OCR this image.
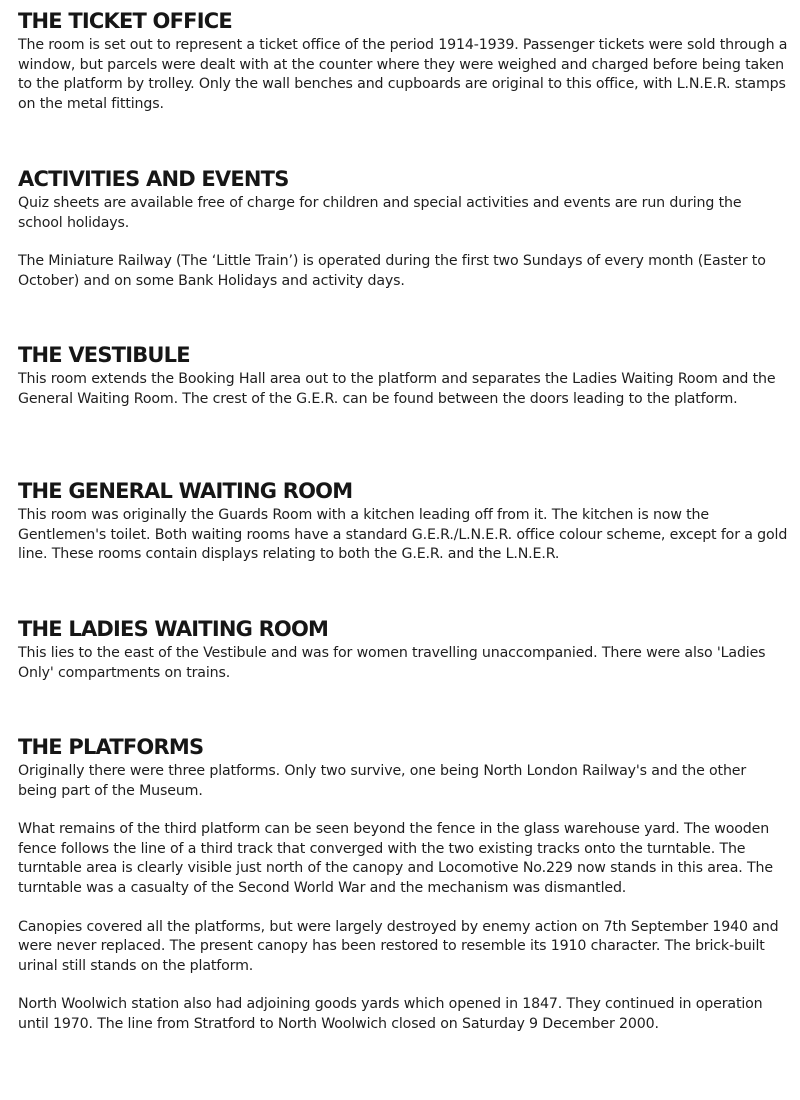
THE TICKET OFFICE

The room is set out to represent a ticket office of the period 1914-1939. Passenger tickets were sold through a window, but parcels were dealt with at the counter where they were weighed and charged before being taken to the platform by trolley. Only the wall benches and cupboards are original to this office, with L.N.E.R. stamps on the metal fittings.

ACTIVITIES AND EVENTS

Quiz sheets are available free of charge for children and special activities and events are run during the school holidays.

The Miniature Railway (The ‘Little Train’) is operated during the first two Sundays of every month (Easter to October) and on some Bank Holidays and activity days.

THE VESTIBULE

This room extends the Booking Hall area out to the platform and separates the Ladies Waiting Room and the General Waiting Room. The crest of the G.E.R. can be found between the doors leading to the platform.

THE GENERAL WAITING ROOM

This room was originally the Guards Room with a kitchen leading off from it. The kitchen is now the Gentlemen's toilet. Both waiting rooms have a standard G.E.R./L.N.E.R. office colour scheme, except for a gold line. These rooms contain displays relating to both the G.E.R. and the L.N.E.R.

THE LADIES WAITING ROOM

This lies to the east of the Vestibule and was for women travelling unaccompanied. There were also 'Ladies Only' compartments on trains.

THE PLATFORMS

Originally there were three platforms. Only two survive, one being North London Railway's and the other being part of the Museum.

What remains of the third platform can be seen beyond the fence in the glass warehouse yard. The wooden fence follows the line of a third track that converged with the two existing tracks onto the turntable. The turntable area is clearly visible just north of the canopy and Locomotive No.229 now stands in this area. The turntable was a casualty of the Second World War and the mechanism was dismantled.

Canopies covered all the platforms, but were largely destroyed by enemy action on 7th September 1940 and were never replaced. The present canopy has been restored to resemble its 1910 character. The brick-built urinal still stands on the platform.

North Woolwich station also had adjoining goods yards which opened in 1847. They continued in operation until 1970. The line from Stratford to North Woolwich closed on Saturday 9 December 2000.
